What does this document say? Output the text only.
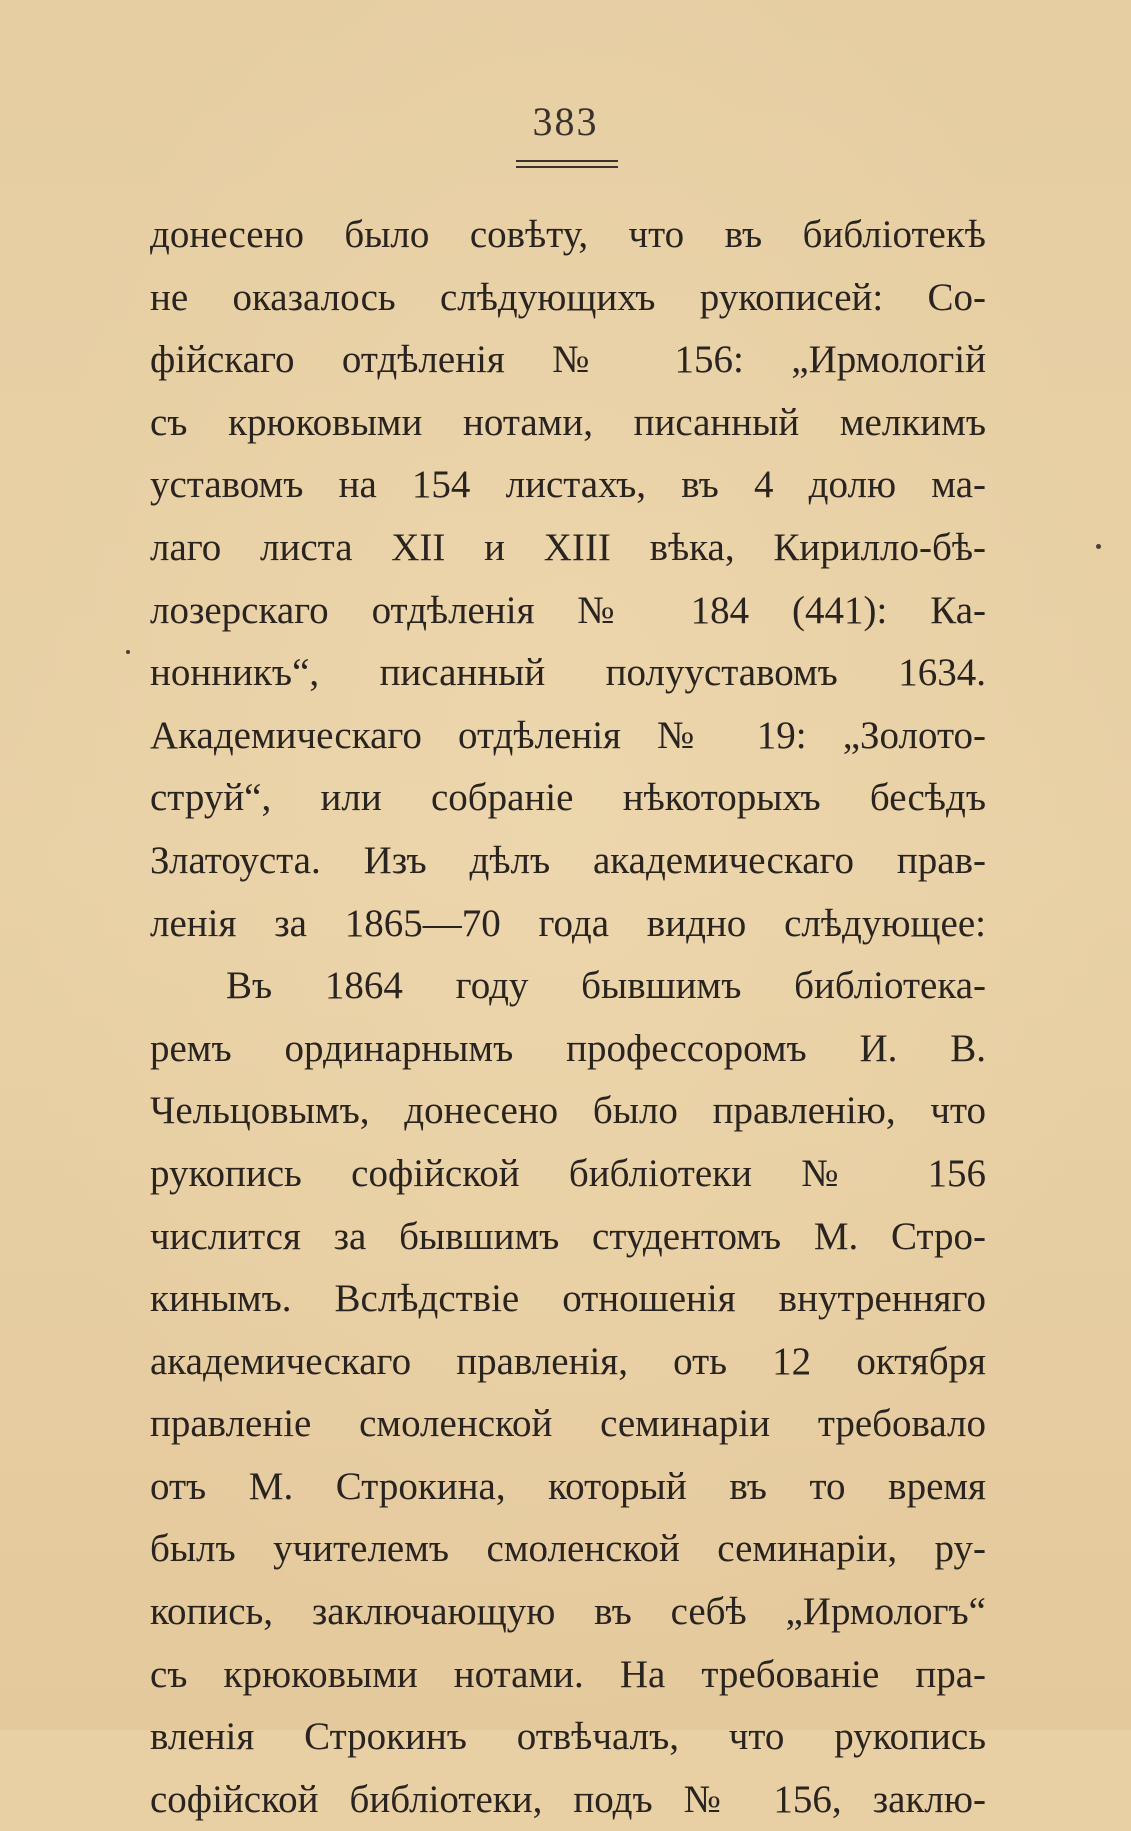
383
донесено было совѣту, что въ библіотекѣ
не оказалось слѣдующихъ рукописей: Со-
фійскаго отдѣленія № 156: „Ирмологій
съ крюковыми нотами, писанный мелкимъ
уставомъ на 154 листахъ, въ 4 долю ма-
лаго листа XII и XIII вѣка, Кирилло-бѣ-
лозерскаго отдѣленія № 184 (441): Ка-
нонникъ“, писанный полууставомъ 1634.
Академическаго отдѣленія № 19: „Золото-
струй“, или собраніе нѣкоторыхъ бесѣдъ
Златоуста. Изъ дѣлъ академическаго прав-
ленія за 1865—70 года видно слѣдующее:
Въ 1864 году бывшимъ библіотека-
ремъ ординарнымъ профессоромъ И. В.
Чельцовымъ, донесено было правленію, что
рукопись софійской библіотеки № 156
числится за бывшимъ студентомъ М. Стро-
кинымъ. Вслѣдствіе отношенія внутренняго
академическаго правленія, оть 12 октября
правленіе смоленской семинаріи требовало
отъ М. Строкина, который въ то время
былъ учителемъ смоленской семинаріи, ру-
копись, заключающую въ себѣ „Ирмологъ“
съ крюковыми нотами. На требованіе пра-
вленія Строкинъ отвѣчалъ, что рукопись
софійской библіотеки, подъ № 156, заклю-
